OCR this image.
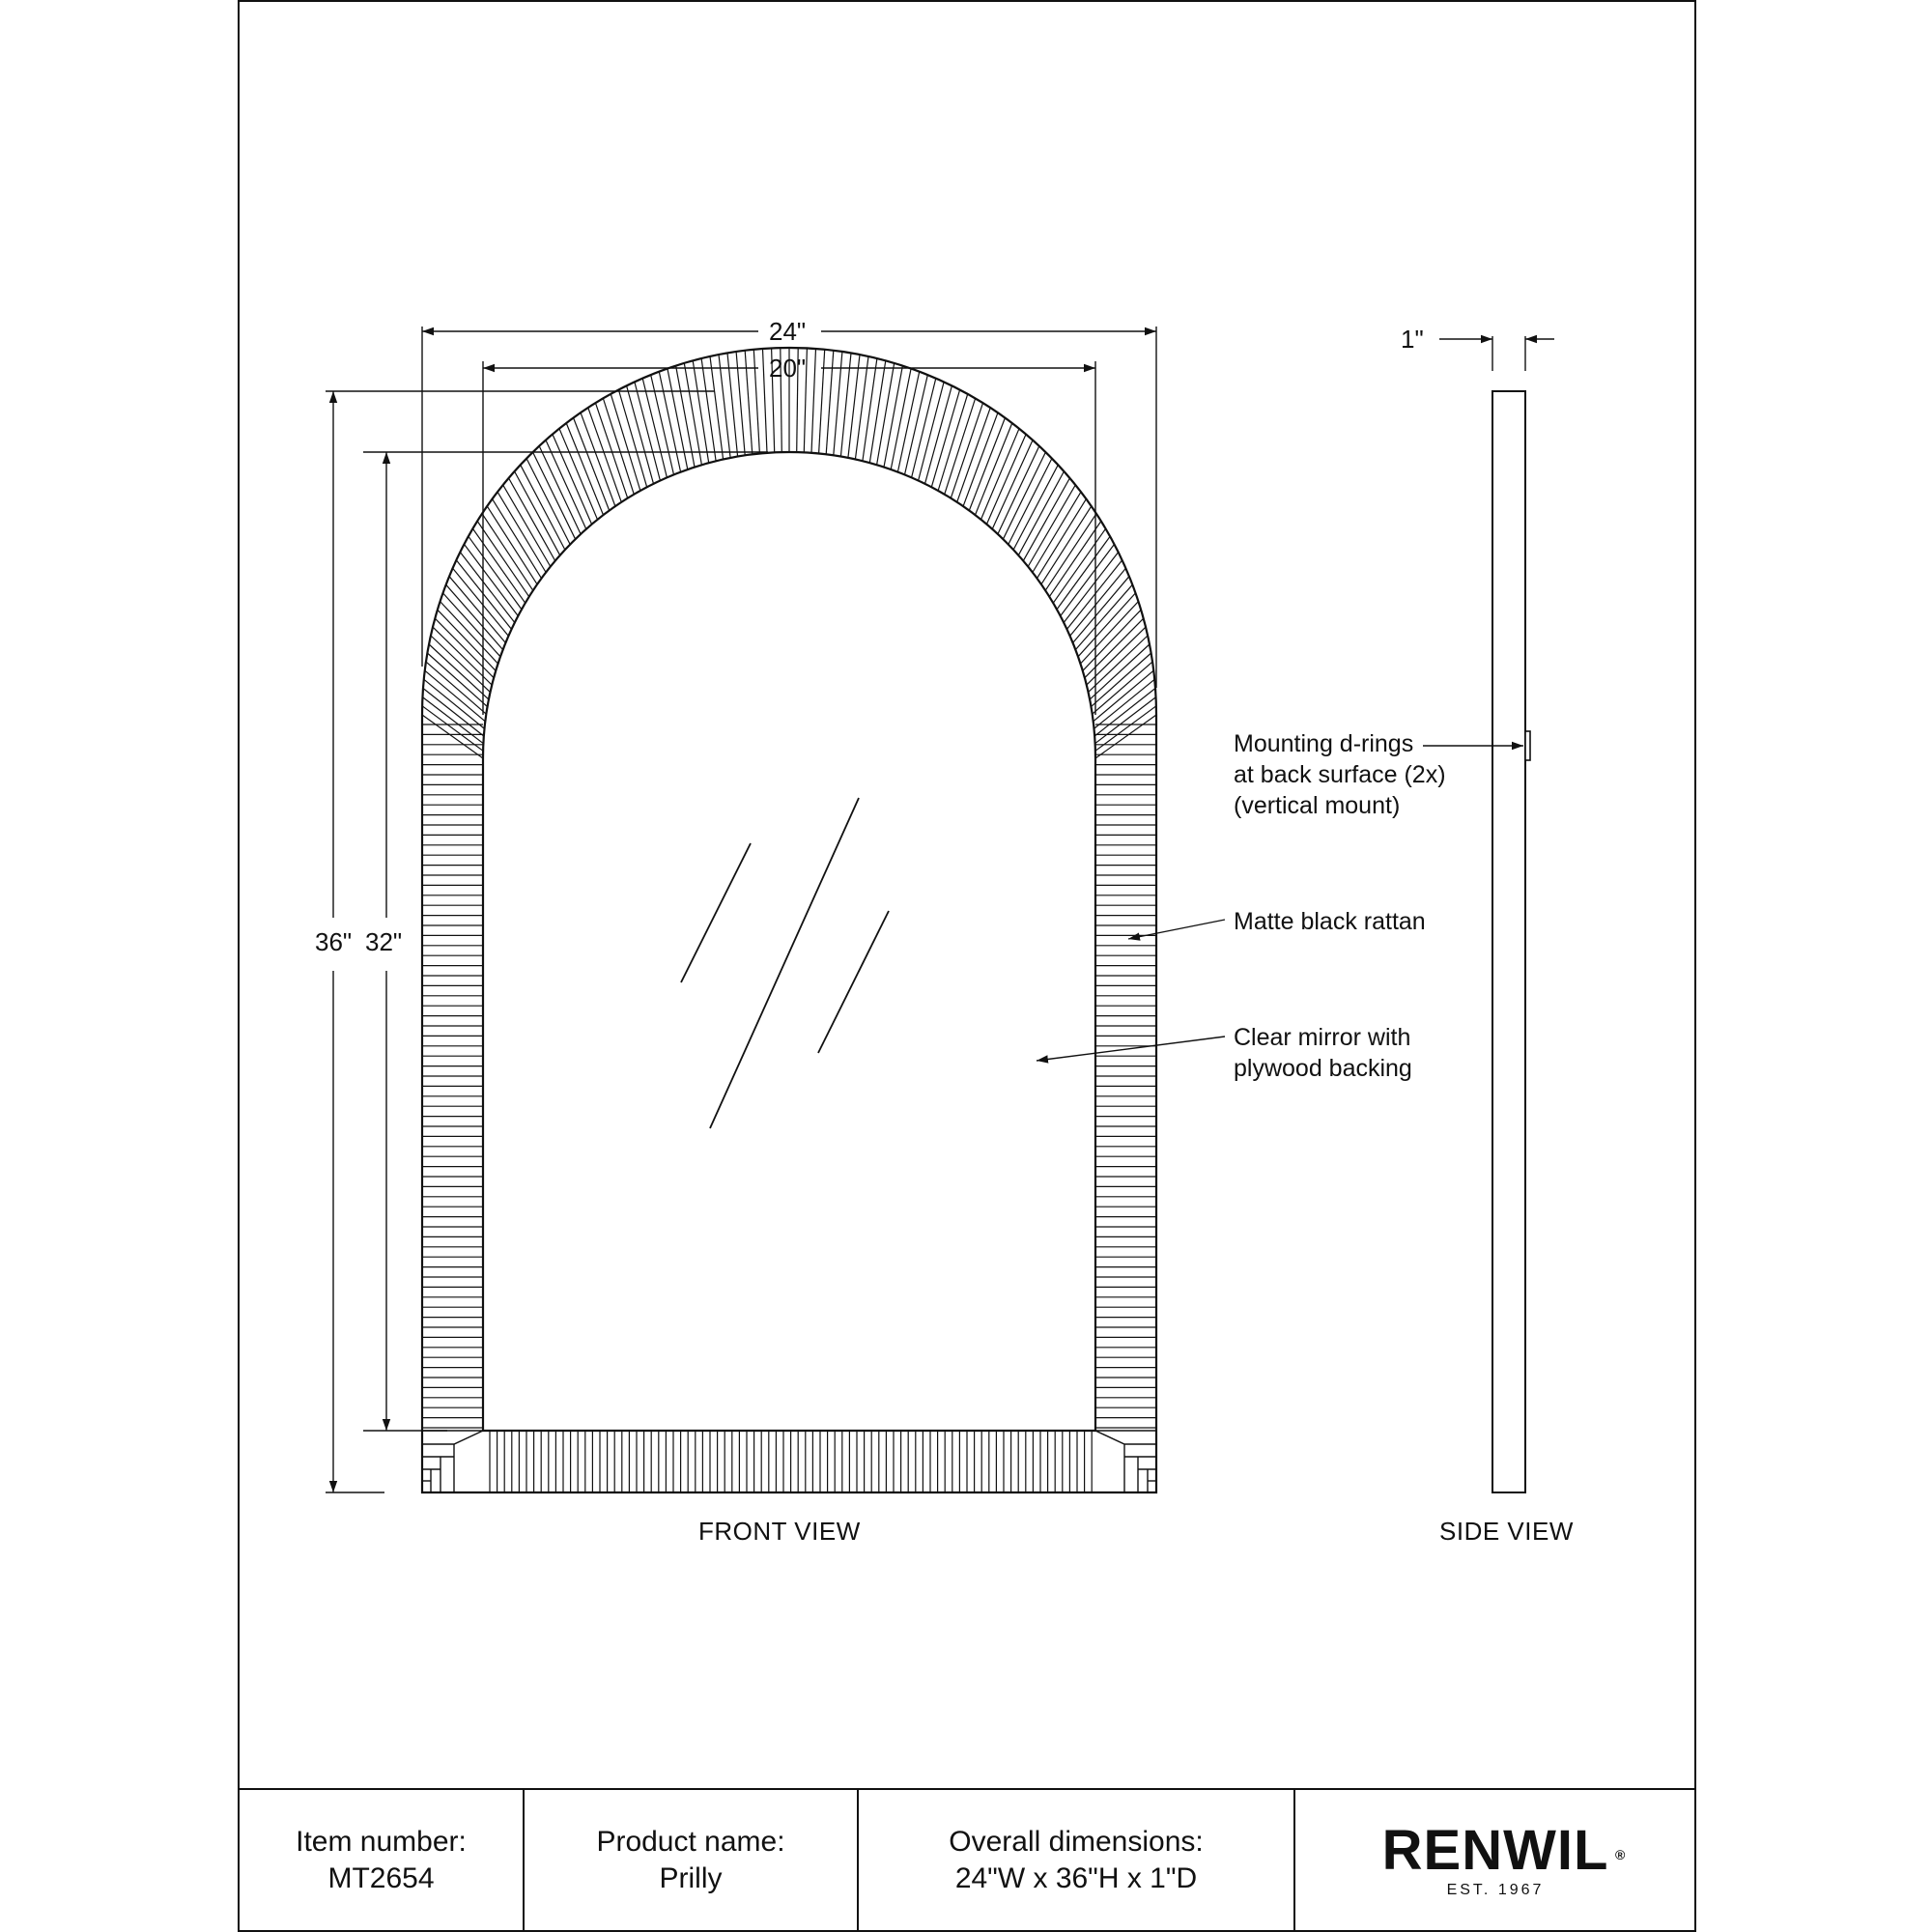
24"
20"
36" 32"
1"
Mounting d-rings
at back surface (2x)
(vertical mount)
Matte black rattan
Clear mirror with
plywood backing
FRONT VIEW	SIDE VIEW
Item number:
MT2654
Product name:
Prilly
Overall dimensions:
24"W x 36"H x 1"D	RENWIL ®
EST. 1967
